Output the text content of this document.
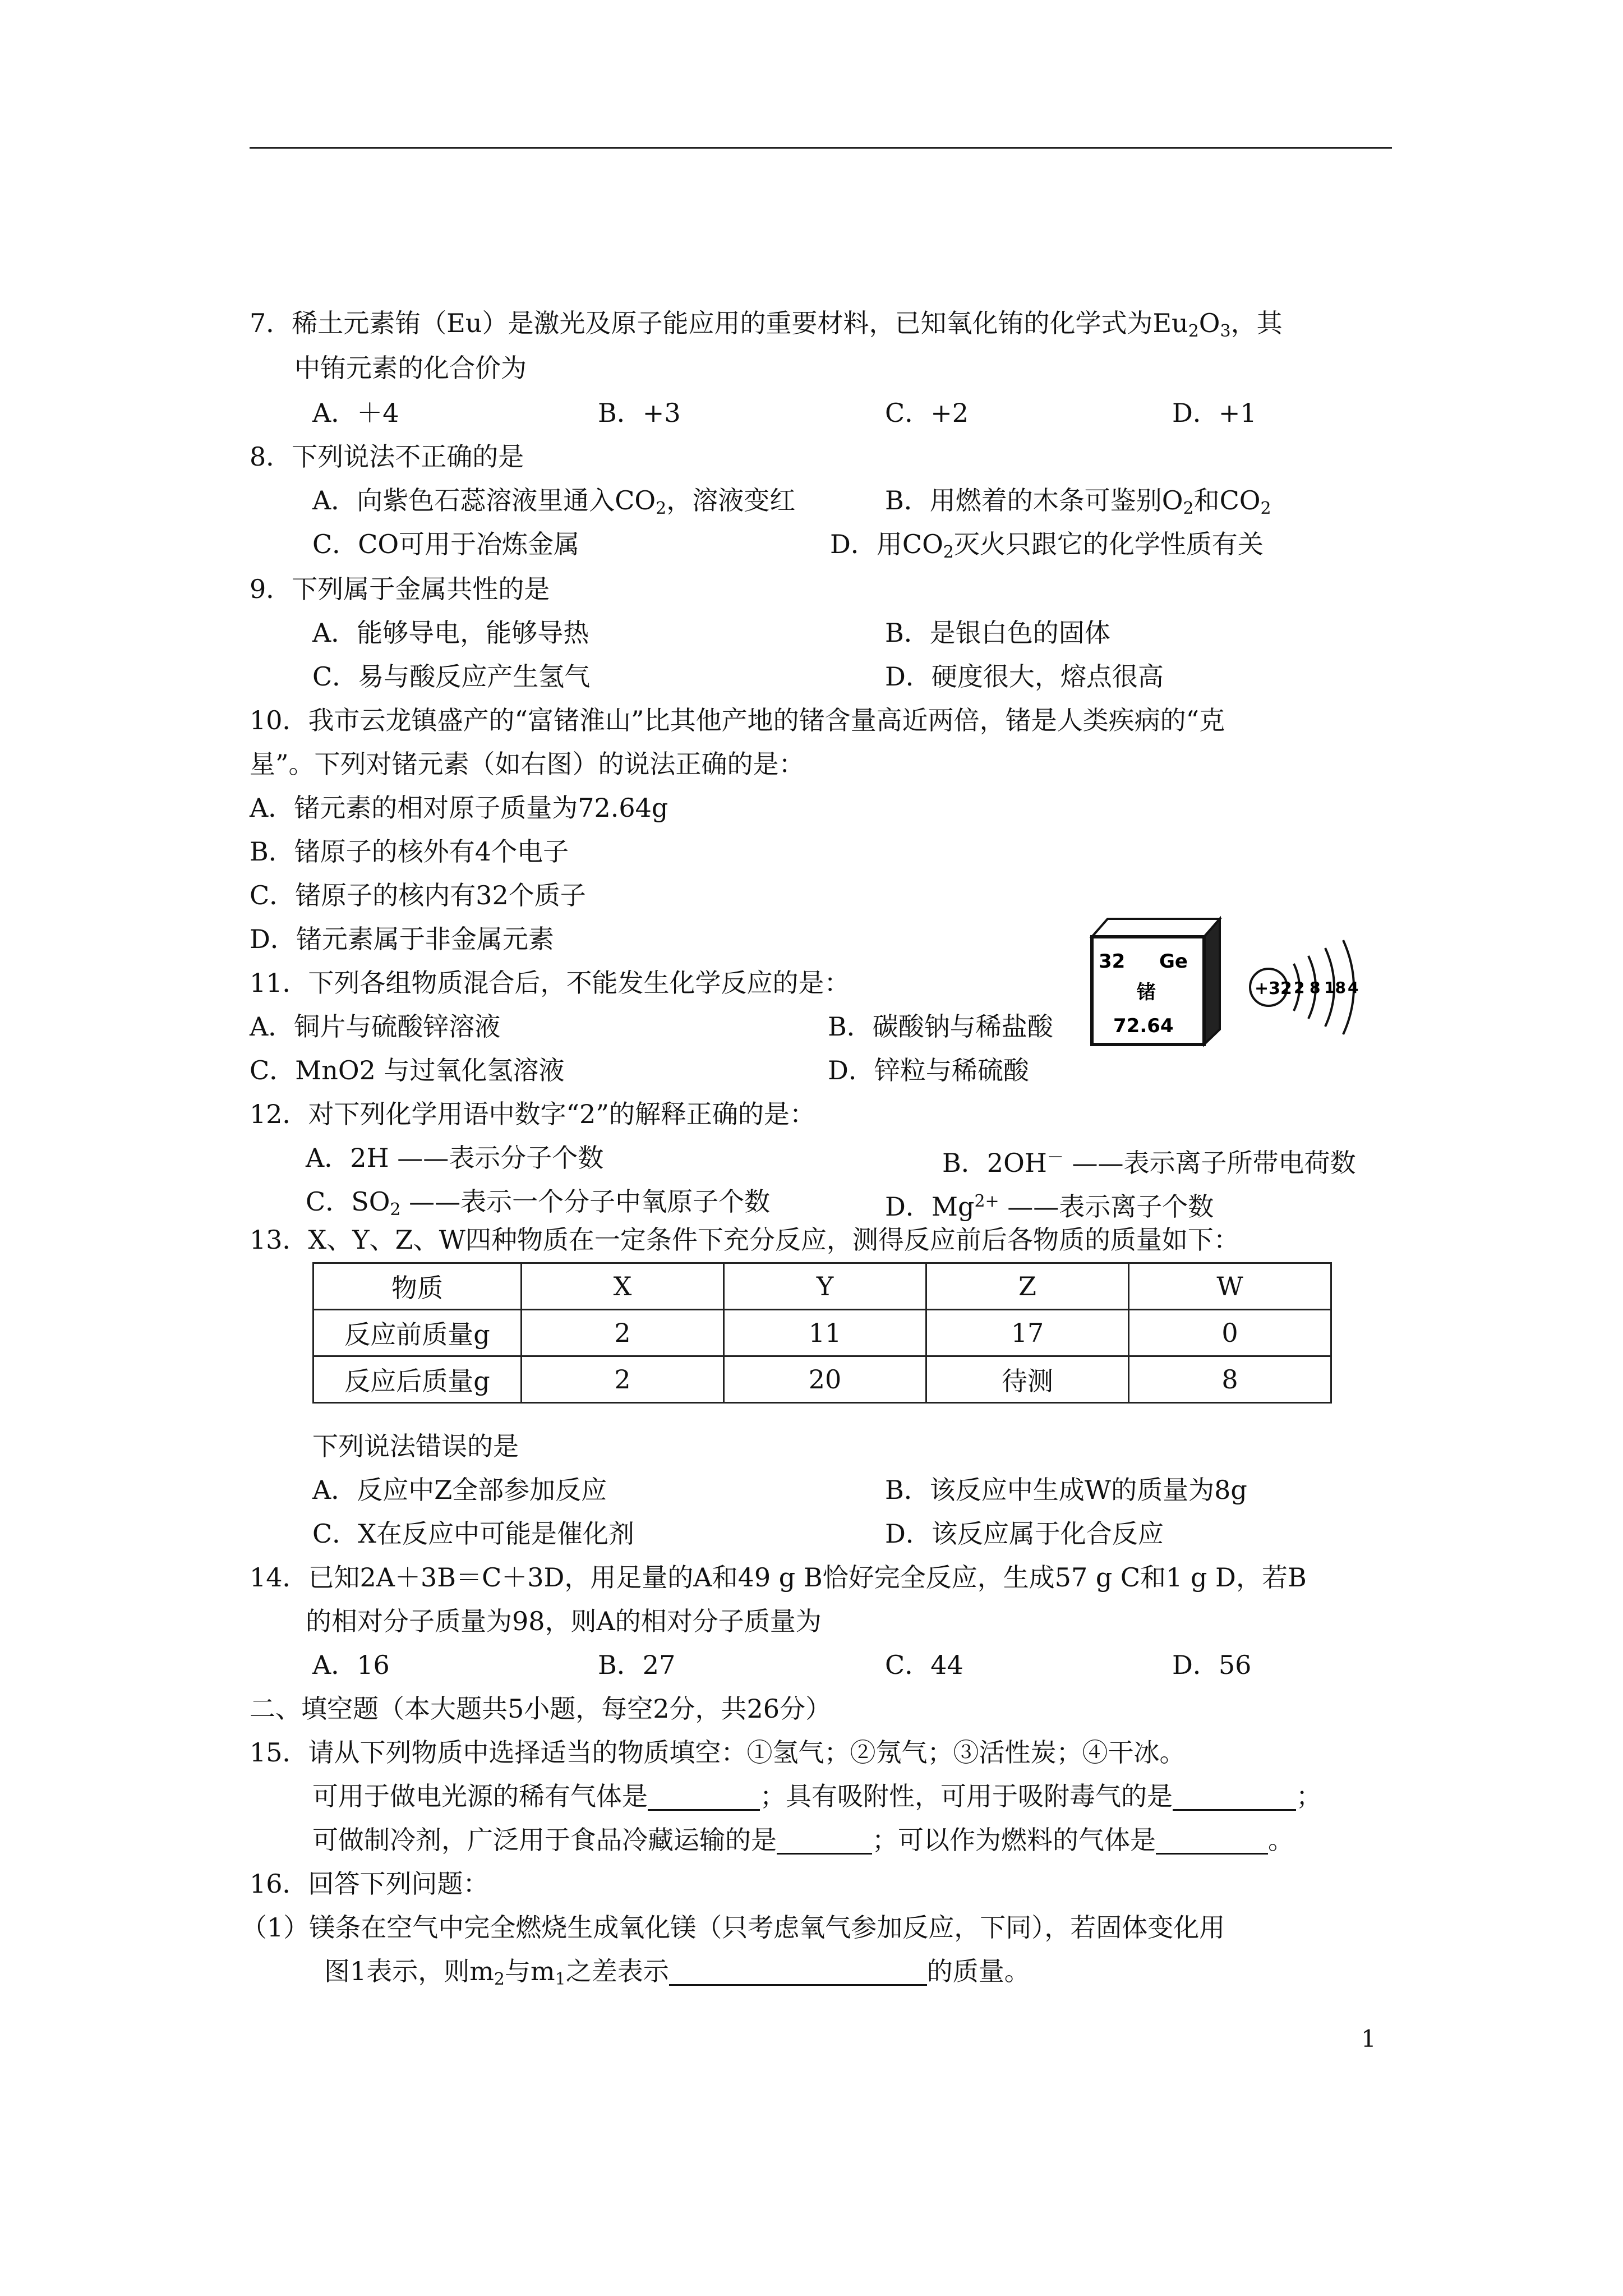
7．稀土元素铕（Eu）是激光及原子能应用的重要材料，已知氧化铕的化学式为$Eu_2O_3$，其
中铕元素的化合价为
A．＋4	B．+3	C．+2	D．+1
8．下列说法不正确的是
A．向紫色石蕊溶液里通入$CO_2$，溶液变红	B．用燃着的木条可鉴别$O_2$和$CO_2$
C．CO可用于冶炼金属	D．用$CO_2$灭火只跟它的化学性质有关
9．下列属于金属共性的是
A．能够导电，能够导热	B．是银白色的固体
C．易与酸反应产生氢气	D．硬度很大，熔点很高
10．我市云龙镇盛产的“富锗淮山”比其他产地的锗含量高近两倍，锗是人类疾病的“克
星”。下列对锗元素（如右图）的说法正确的是：
A．锗元素的相对原子质量为72.64g
B．锗原子的核外有4个电子
C．锗原子的核内有32个质子
D．锗元素属于非金属元素
32 Ge
锗
72.64
+32 2 8 18 4
11．下列各组物质混合后，不能发生化学反应的是：
A．铜片与硫酸锌溶液	B．碳酸钠与稀盐酸
C．MnO2 与过氧化氢溶液	D．锌粒与稀硫酸
12．对下列化学用语中数字“2”的解释正确的是：
A．2H ——表示分子个数	B．2OH－ ——表示离子所带电荷数
C．$SO_2$ ——表示一个分子中氧原子个数	D．$Mg^{2+}$ ——表示离子个数
13．X、Y、Z、W四种物质在一定条件下充分反应，测得反应前后各物质的质量如下：
物质	X	Y	Z	W
反应前质量g	2	11	17	0
反应后质量g	2	20	待测	8
下列说法错误的是
A．反应中Z全部参加反应	B．该反应中生成W的质量为8g
C．X在反应中可能是催化剂	D．该反应属于化合反应
14．已知2A＋3B＝C＋3D，用足量的A和49 g B恰好完全反应，生成57 g C和1 g D，若B
的相对分子质量为98，则A的相对分子质量为
A．16	B．27	C．44	D．56
二、填空题（本大题共5小题，每空2分，共26分）
15．请从下列物质中选择适当的物质填空：①氢气；②氖气；③活性炭；④干冰。
可用于做电光源的稀有气体是	；具有吸附性，可用于吸附毒气的是	；
可做制冷剂，广泛用于食品冷藏运输的是	；可以作为燃料的气体是	。
16．回答下列问题：
（1）镁条在空气中完全燃烧生成氧化镁（只考虑氧气参加反应，下同），若固体变化用
图1表示，则$m_2$与$m_1$之差表示	的质量。
1
